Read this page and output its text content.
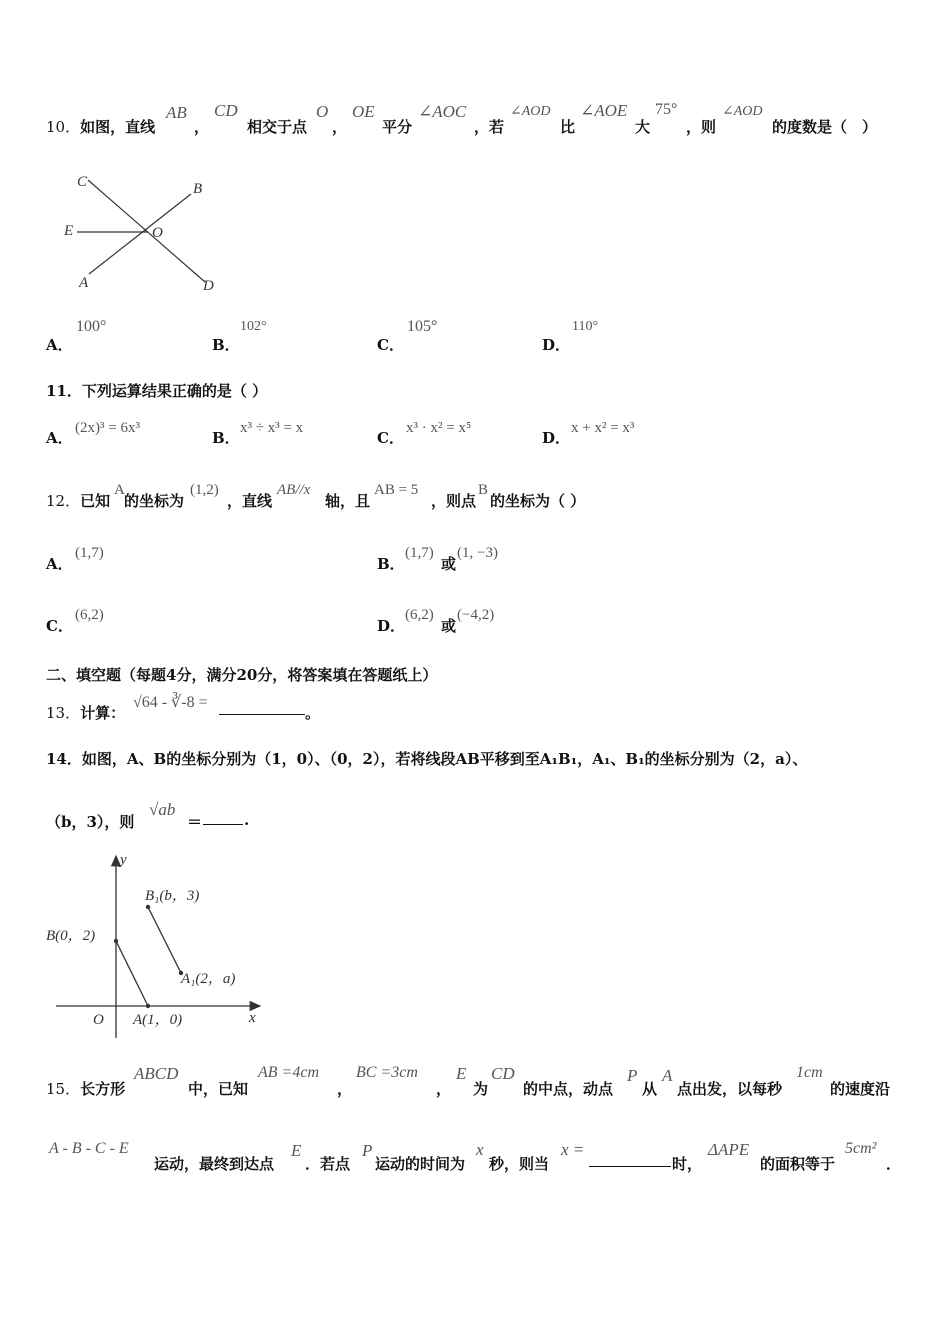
10．如图，直线
AB
，
CD
相交于点
O
，
OE
平分
∠AOC
，若
∠AOD
比
∠AOE
大
75°
，则
∠AOD
的度数是（　）
C	B
E	O
A	D
A．
100°
B．
102°
C．
105°
D．
110°
11．下列运算结果正确的是（ ）
A．
(2x)³ = 6x³
B．
x³ ÷ x³ = x
C．
x³ · x² = x⁵
D．
x + x² = x³
12．已知
A
的坐标为
(1,2)
，直线
AB//x
轴，且
AB = 5
，则点
B
的坐标为（ ）
A．
(1,7)
B．
(1,7)
或
(1, −3)
C．
(6,2)
D．
(6,2)
或
(−4,2)
二、填空题（每题4分，满分20分，将答案填在答题纸上）
13．计算：
√64 - ∛-8 =
。
14．如图，A、B的坐标分别为（1，0）、（0，2），若将线段AB平移到至A₁B₁，A₁、B₁的坐标分别为（2，a）、
（b，3），则
√ab
＝	.
y
x
O
B(0，2)
A(1，0)
B₁(b，3)
A₁(2，a)
15．长方形
ABCD
中，已知
AB =4cm
，
BC =3cm
，
E
为
CD
的中点，动点
P
从
A
点出发，以每秒
1cm
的速度沿
A - B - C - E
运动，最终到达点
E
．若点
P
运动的时间为
x
秒，则当
x =
时，
ΔAPE
的面积等于
5cm²
．
